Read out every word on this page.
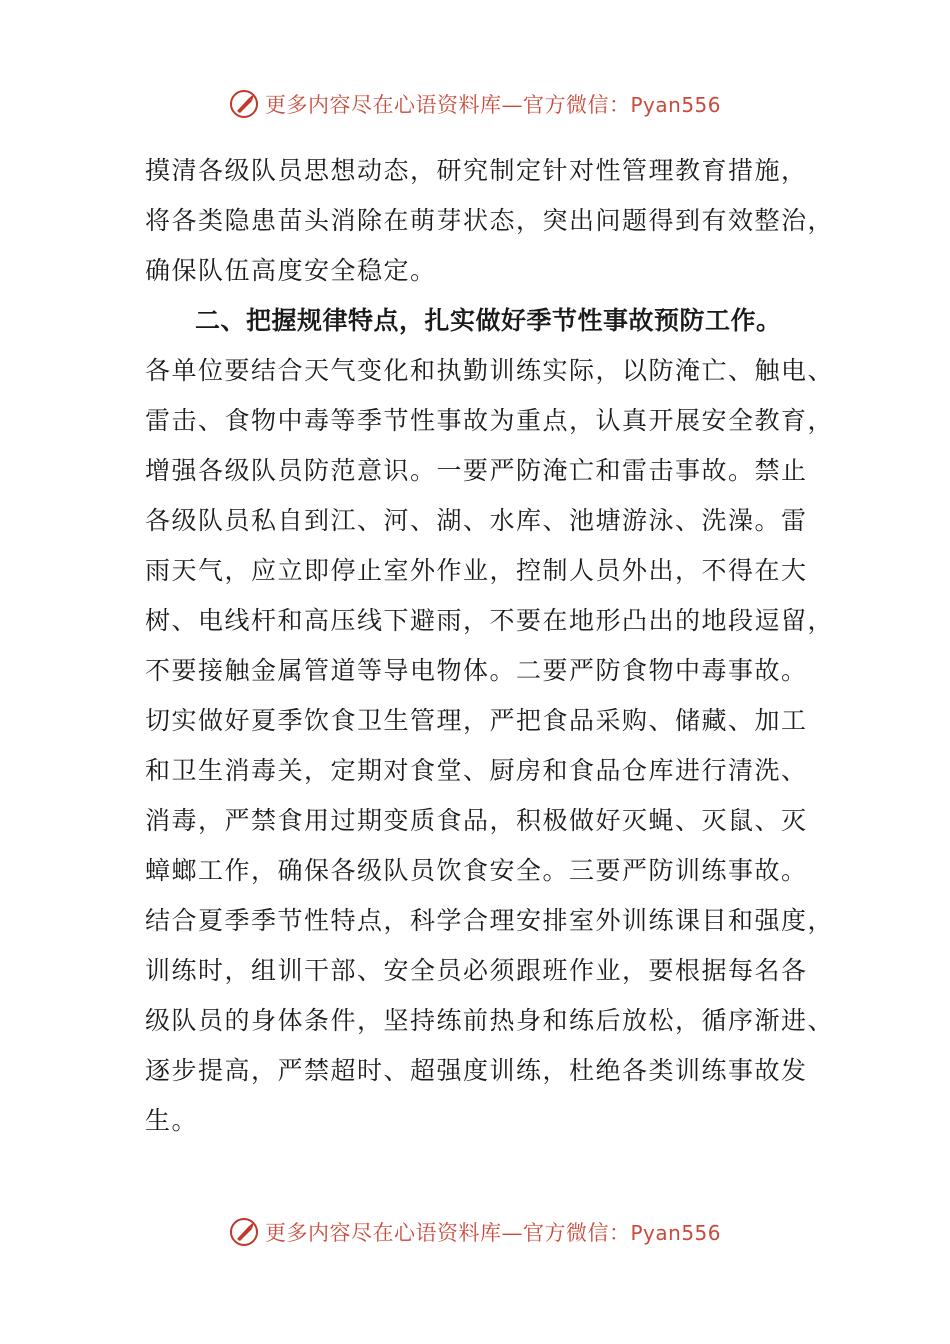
更多内容尽在心语资料库—官方微信：Pyan556
摸清各级队员思想动态，研究制定针对性管理教育措施，
将各类隐患苗头消除在萌芽状态，突出问题得到有效整治，
确保队伍高度安全稳定。
二、把握规律特点，扎实做好季节性事故预防工作。
各单位要结合天气变化和执勤训练实际，以防淹亡、触电、
雷击、食物中毒等季节性事故为重点，认真开展安全教育，
增强各级队员防范意识。一要严防淹亡和雷击事故。禁止
各级队员私自到江、河、湖、水库、池塘游泳、洗澡。雷
雨天气，应立即停止室外作业，控制人员外出，不得在大
树、电线杆和高压线下避雨，不要在地形凸出的地段逗留，
不要接触金属管道等导电物体。二要严防食物中毒事故。
切实做好夏季饮食卫生管理，严把食品采购、储藏、加工
和卫生消毒关，定期对食堂、厨房和食品仓库进行清洗、
消毒，严禁食用过期变质食品，积极做好灭蝇、灭鼠、灭
蟑螂工作，确保各级队员饮食安全。三要严防训练事故。
结合夏季季节性特点，科学合理安排室外训练课目和强度，
训练时，组训干部、安全员必须跟班作业，要根据每名各
级队员的身体条件，坚持练前热身和练后放松，循序渐进、
逐步提高，严禁超时、超强度训练，杜绝各类训练事故发
生。
更多内容尽在心语资料库—官方微信：Pyan556
